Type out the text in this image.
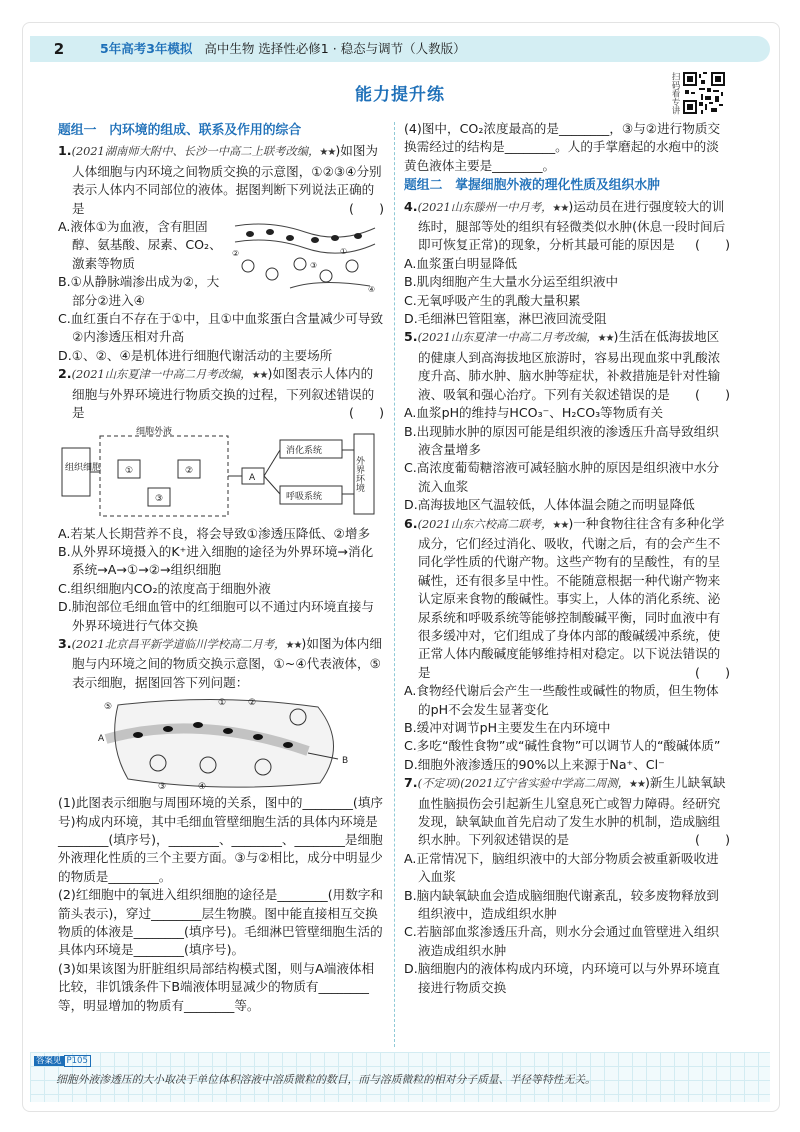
2	5年高考3年模拟 高中生物 选择性必修1 · 稳态与调节（人教版）
能力提升练	扫码看专讲
题组一　内环境的组成、联系及作用的综合

1.(2021湖南师大附中、长沙一中高二上联考改编，★★)如图为人体细胞与内环境之间物质交换的示意图，①②③④分别表示人体内不同部位的液体。据图判断下列说法正确的是	(　　)

A.液体①为血液，含有胆固醇、氨基酸、尿素、CO₂、激素等物质

B.①从静脉端渗出成为②，大部分②进入④

②	①
③
④

C.血红蛋白不存在于①中，且①中血浆蛋白含量减少可导致②内渗透压相对升高

D.①、②、④是机体进行细胞代谢活动的主要场所

2.(2021山东夏津一中高二月考改编，★★)如图表示人体内的细胞与外界环境进行物质交换的过程，下列叙述错误的是	(　　)

组织细胞
细胞外液
①	②
③
A
消化系统
呼吸系统
外界环境

A.若某人长期营养不良，将会导致①渗透压降低、②增多

B.从外界环境摄入的K⁺进入细胞的途径为外界环境→消化系统→A→①→②→组织细胞

C.组织细胞内CO₂的浓度高于细胞外液

D.肺泡部位毛细血管中的红细胞可以不通过内环境直接与外界环境进行气体交换

3.(2021北京昌平新学道临川学校高二月考，★★)如图为体内细胞与内环境之间的物质交换示意图，①~④代表液体，⑤表示细胞，据图回答下列问题：

A
B
⑤	① ②
③	④

(1)此图表示细胞与周围环境的关系，图中的________(填序号)构成内环境，其中毛细血管壁细胞生活的具体内环境是________(填序号)，________、________、________是细胞外液理化性质的三个主要方面。③与②相比，成分中明显少的物质是________。

(2)红细胞中的氧进入组织细胞的途径是________(用数字和箭头表示)，穿过________层生物膜。图中能直接相互交换物质的体液是________(填序号)。毛细淋巴管壁细胞生活的具体内环境是________(填序号)。

(3)如果该图为肝脏组织局部结构模式图，则与A端液体相比较，非饥饿条件下B端液体明显减少的物质有________等，明显增加的物质有________等。

(4)图中，CO₂浓度最高的是________，③与②进行物质交换需经过的结构是________。人的手掌磨起的水疱中的淡黄色液体主要是________。

题组二　掌握细胞外液的理化性质及组织水肿

4.(2021山东滕州一中月考，★★)运动员在进行强度较大的训练时，腿部等处的组织有轻微类似水肿(休息一段时间后即可恢复正常)的现象，分析其最可能的原因是	(　　)

A.血浆蛋白明显降低

B.肌肉细胞产生大量水分运至组织液中

C.无氧呼吸产生的乳酸大量积累

D.毛细淋巴管阻塞，淋巴液回流受阻

5.(2021山东夏津一中高二月考改编，★★)生活在低海拔地区的健康人到高海拔地区旅游时，容易出现血浆中乳酸浓度升高、肺水肿、脑水肿等症状，补救措施是针对性输液、吸氧和强心治疗。下列有关叙述错误的是	(　　)

A.血浆pH的维持与HCO₃⁻、H₂CO₃等物质有关

B.出现肺水肿的原因可能是组织液的渗透压升高导致组织液含量增多

C.高浓度葡萄糖溶液可减轻脑水肿的原因是组织液中水分流入血浆

D.高海拔地区气温较低，人体体温会随之而明显降低

6.(2021山东六校高二联考，★★)一种食物往往含有多种化学成分，它们经过消化、吸收，代谢之后，有的会产生不同化学性质的代谢产物。这些产物有的呈酸性，有的呈碱性，还有很多呈中性。不能随意根据一种代谢产物来认定原来食物的酸碱性。事实上，人体的消化系统、泌尿系统和呼吸系统等能够控制酸碱平衡，同时血液中有很多缓冲对，它们组成了身体内部的酸碱缓冲系统，使正常人体内酸碱度能够维持相对稳定。以下说法错误的是	(　　)

A.食物经代谢后会产生一些酸性或碱性的物质，但生物体的pH不会发生显著变化

B.缓冲对调节pH主要发生在内环境中

C.多吃“酸性食物”或“碱性食物”可以调节人的“酸碱体质”

D.细胞外液渗透压的90%以上来源于Na⁺、Cl⁻

7.(不定项)(2021辽宁省实验中学高二周测，★★)新生儿缺氧缺血性脑损伤会引起新生儿窒息死亡或智力障碍。经研究发现，缺氧缺血首先启动了发生水肿的机制，造成脑组织水肿。下列叙述错误的是	(　　)

A.正常情况下，脑组织液中的大部分物质会被重新吸收进入血浆

B.脑内缺氧缺血会造成脑细胞代谢紊乱，较多废物释放到组织液中，造成组织水肿

C.若脑部血浆渗透压升高，则水分会通过血管壁进入组织液造成组织水肿

D.脑细胞内的液体构成内环境，内环境可以与外界环境直接进行物质交换

答案见 P105
细胞外液渗透压的大小取决于单位体积溶液中溶质微粒的数目，而与溶质微粒的相对分子质量、半径等特性无关。
